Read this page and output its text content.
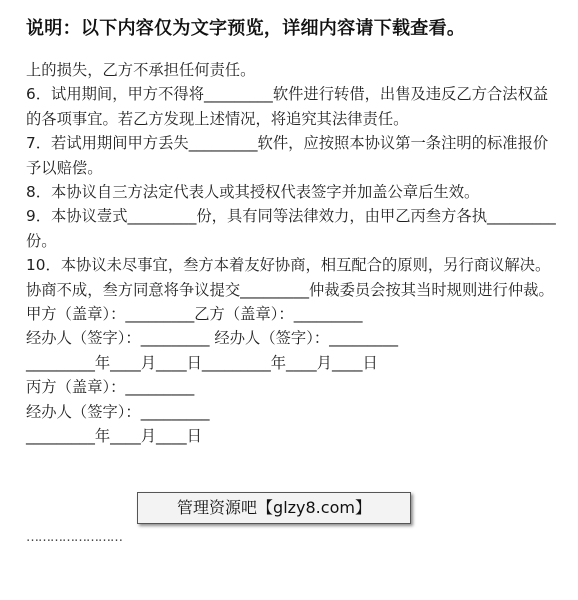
说明：以下内容仅为文字预览，详细内容请下载查看。
上的损失，乙方不承担任何责任。
6．试用期间，甲方不得将_________软件进行转借，出售及违反乙方合法权益的各项事宜。若乙方发现上述情况，将追究其法律责任。
7．若试用期间甲方丢失_________软件，应按照本协议第一条注明的标准报价予以赔偿。
8．本协议自三方法定代表人或其授权代表签字并加盖公章后生效。
9．本协议壹式_________份，具有同等法律效力，由甲乙丙叁方各执_________份。
10．本协议未尽事宜，叁方本着友好协商，相互配合的原则，另行商议解决。协商不成，叁方同意将争议提交_________仲裁委员会按其当时规则进行仲裁。
甲方（盖章）：_________乙方（盖章）：_________
经办人（签字）：_________ 经办人（签字）：_________
_________年____月____日_________年____月____日
丙方（盖章）：_________
经办人（签字）：_________
_________年____月____日
……………………
管理资源吧【glzy8.com】
